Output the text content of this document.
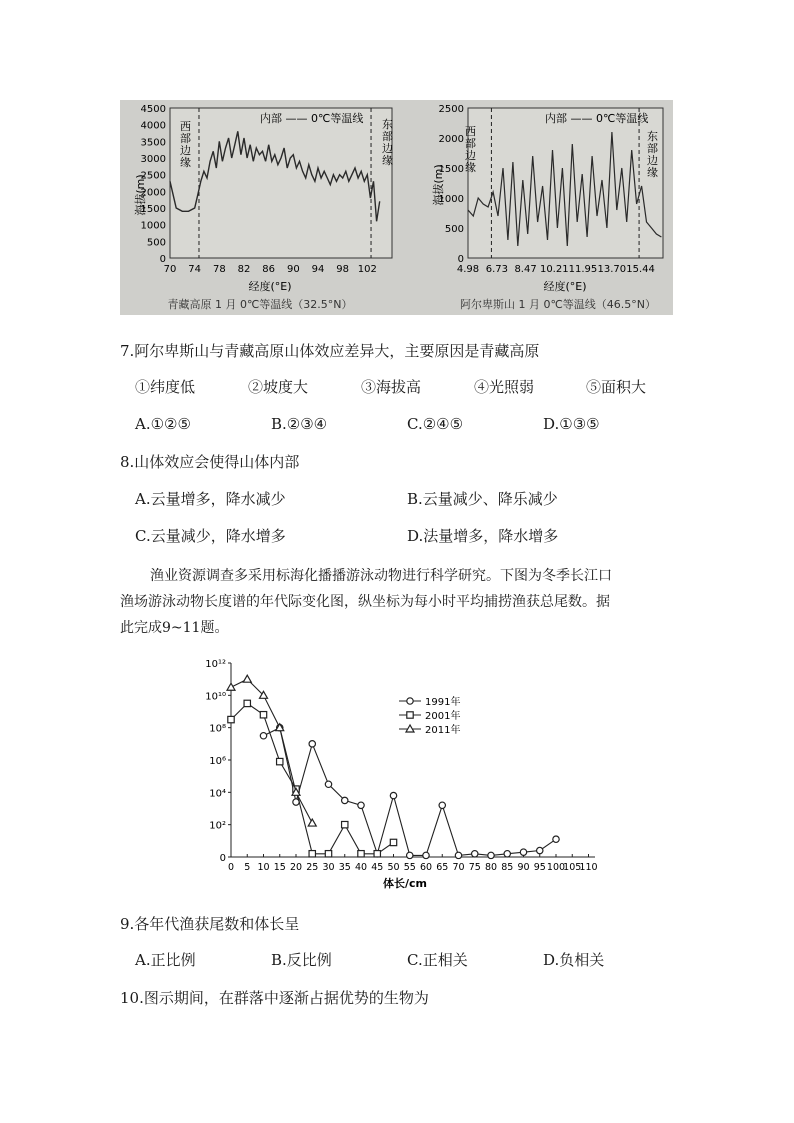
0
500
1000
1500
2000
2500
3000
3500
4000
4500
70 74 78 82 86 90 94 98 102
西部边缘
东部边缘
内部 —— 0℃等温线
经度(°E)
海拔(m)
青藏高原 1 月 0℃等温线（32.5°N）
0
500
1000
1500
2000
2500
4.98 6.73 8.47 10.21 11.95 13.70 15.44
西部边缘
东部边缘
内部 —— 0℃等温线
经度(°E)
海拔(m)
阿尔卑斯山 1 月 0℃等温线（46.5°N）
7.阿尔卑斯山与青藏高原山体效应差异大，主要原因是青藏高原
①纬度低	②坡度大	③海拔高	④光照弱	⑤面积大
A.①②⑤	B.②③④	C.②④⑤	D.①③⑤
8.山体效应会使得山体内部
A.云量增多，降水减少	B.云量减少、降乐减少
C.云量减少，降水增多	D.法量增多，降水增多
渔业资源调查多采用标海化播播游泳动物进行科学研究。下图为冬季长江口
渔场游泳动物长度谱的年代际变化图，纵坐标为每小时平均捕捞渔获总尾数。据
此完成9~11题。
0
10²
10⁴
10⁶
10⁸
10¹⁰
10¹²
0 5 10 15 20 25 30 35 40 45 50 55 60 65 70 75 80 85 90 95 100
105
110
1991年
2001年
2011年
体长/cm
9.各年代渔获尾数和体长呈
A.正比例	B.反比例	C.正相关	D.负相关
10.图示期间，在群落中逐渐占据优势的生物为
